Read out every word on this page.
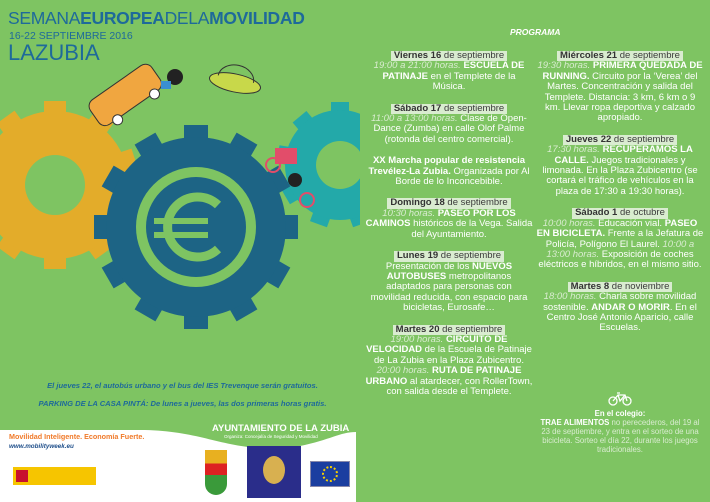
SEMANAEUROPEADELAMOVILIDAD
16-22 SEPTIEMBRE 2016
LAZUBIA
PROGRAMA
Viernes 16 de septiembre
19:00 a 21:00 horas. ESCUELA DE PATINAJE en el Templete de la Música.
Sábado 17 de septiembre
11:00 a 13:00 horas. Clase de Open-Dance (Zumba) en calle Olof Palme (rotonda del centro comercial).
XX Marcha popular de resistencia Trevélez-La Zubia. Organizada por Al Borde de lo Inconcebible.
Domingo 18 de septiembre
10:30 horas. PASEO POR LOS CAMINOS históricos de la Vega. Salida del Ayuntamiento.
Lunes 19 de septiembre
Presentación de los NUEVOS AUTOBUSES metropolitanos adaptados para personas con movilidad reducida, con espacio para bicicletas, Eurosafe…
Martes 20 de septiembre
19:00 horas. CIRCUITO DE VELOCIDAD de la Escuela de Patinaje de La Zubia en la Plaza Zubicentro. 20:00 horas. RUTA DE PATINAJE URBANO al atardecer, con RollerTown, con salida desde el Templete.
Miércoles 21 de septiembre
19:30 horas. PRIMERA QUEDADA DE RUNNING. Circuito por la ‘Verea’ del Martes. Concentración y salida del Templete. Distancia: 3 km, 6 km o 9 km. Llevar ropa deportiva y calzado apropiado.
Jueves 22 de septiembre
17:30 horas. RECUPERAMOS LA CALLE. Juegos tradicionales y limonada. En la Plaza Zubicentro (se cortará el tráfico de vehículos en la plaza de 17:30 a 19:30 horas).
Sábado 1 de octubre
10:00 horas. Educación vial. PASEO EN BICICLETA. Frente a la Jefatura de Policía, Polígono El Laurel. 10:00 a 13:00 horas. Exposición de coches eléctricos e híbridos, en el mismo sitio.
Martes 8 de noviembre
18:00 horas. Charla sobre movilidad sostenible. ANDAR O MORIR. En el Centro José Antonio Aparicio, calle Escuelas.
El jueves 22, el autobús urbano y el bus del IES Trevenque serán gratuitos.
PARKING DE LA CASA PINTÁ: De lunes a jueves, las dos primeras horas gratis.
En el colegio:
TRAE ALIMENTOS no perecederos, del 19 al 23 de septiembre, y entra en el sorteo de una bicicleta. Sorteo el día 22, durante los juegos tradicionales.
Movilidad Inteligente. Economía Fuerte.
www.mobilityweek.eu
AYUNTAMIENTO DE LA ZUBIA
Organiza: Concejalía de Seguridad y Movilidad
